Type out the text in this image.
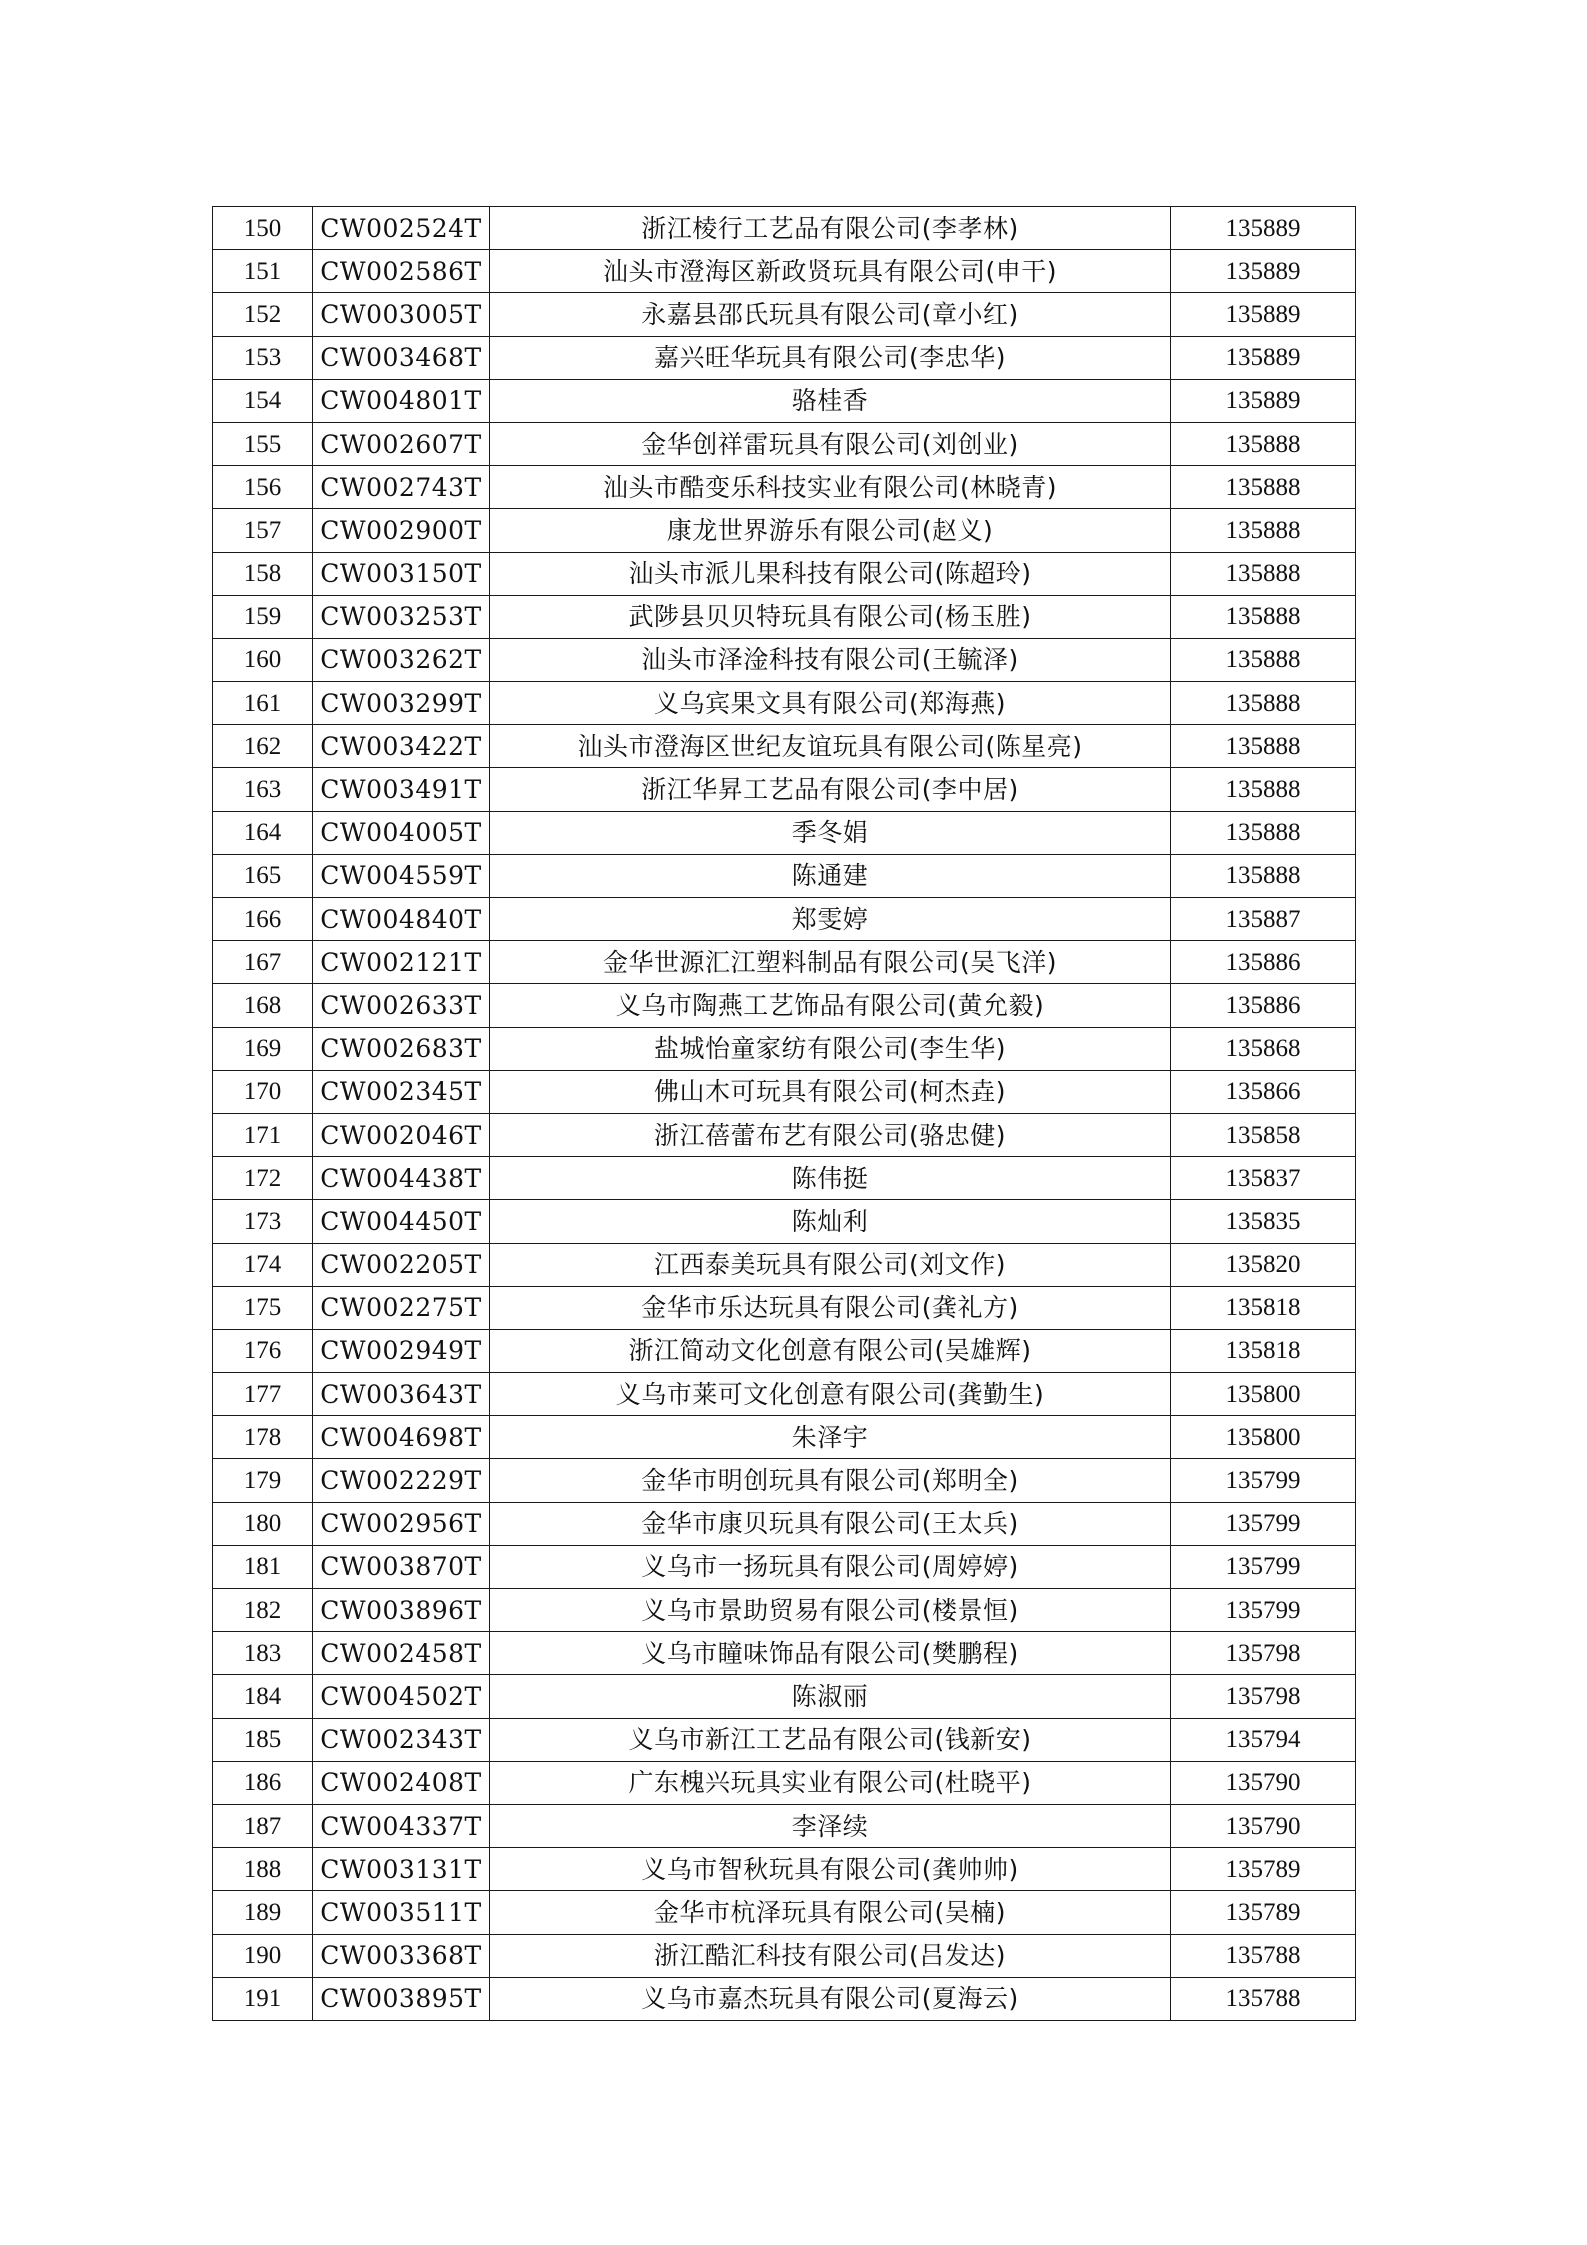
150	CW002524T	浙江棱行工艺品有限公司(李孝林)	135889
151	CW002586T	汕头市澄海区新政贤玩具有限公司(申干)	135889
152	CW003005T	永嘉县邵氏玩具有限公司(章小红)	135889
153	CW003468T	嘉兴旺华玩具有限公司(李忠华)	135889
154	CW004801T	骆桂香	135889
155	CW002607T	金华创祥雷玩具有限公司(刘创业)	135888
156	CW002743T	汕头市酷变乐科技实业有限公司(林晓青)	135888
157	CW002900T	康龙世界游乐有限公司(赵义)	135888
158	CW003150T	汕头市派儿果科技有限公司(陈超玲)	135888
159	CW003253T	武陟县贝贝特玩具有限公司(杨玉胜)	135888
160	CW003262T	汕头市泽淦科技有限公司(王毓泽)	135888
161	CW003299T	义乌宾果文具有限公司(郑海燕)	135888
162	CW003422T	汕头市澄海区世纪友谊玩具有限公司(陈星亮)	135888
163	CW003491T	浙江华昇工艺品有限公司(李中居)	135888
164	CW004005T	季冬娟	135888
165	CW004559T	陈通建	135888
166	CW004840T	郑雯婷	135887
167	CW002121T	金华世源汇江塑料制品有限公司(吴飞洋)	135886
168	CW002633T	义乌市陶燕工艺饰品有限公司(黄允毅)	135886
169	CW002683T	盐城怡童家纺有限公司(李生华)	135868
170	CW002345T	佛山木可玩具有限公司(柯杰垚)	135866
171	CW002046T	浙江蓓蕾布艺有限公司(骆忠健)	135858
172	CW004438T	陈伟挺	135837
173	CW004450T	陈灿利	135835
174	CW002205T	江西泰美玩具有限公司(刘文作)	135820
175	CW002275T	金华市乐达玩具有限公司(龚礼方)	135818
176	CW002949T	浙江简动文化创意有限公司(吴雄辉)	135818
177	CW003643T	义乌市莱可文化创意有限公司(龚勤生)	135800
178	CW004698T	朱泽宇	135800
179	CW002229T	金华市明创玩具有限公司(郑明全)	135799
180	CW002956T	金华市康贝玩具有限公司(王太兵)	135799
181	CW003870T	义乌市一扬玩具有限公司(周婷婷)	135799
182	CW003896T	义乌市景助贸易有限公司(楼景恒)	135799
183	CW002458T	义乌市瞳味饰品有限公司(樊鹏程)	135798
184	CW004502T	陈淑丽	135798
185	CW002343T	义乌市新江工艺品有限公司(钱新安)	135794
186	CW002408T	广东槐兴玩具实业有限公司(杜晓平)	135790
187	CW004337T	李泽续	135790
188	CW003131T	义乌市智秋玩具有限公司(龚帅帅)	135789
189	CW003511T	金华市杭泽玩具有限公司(吴楠)	135789
190	CW003368T	浙江酷汇科技有限公司(吕发达)	135788
191	CW003895T	义乌市嘉杰玩具有限公司(夏海云)	135788
